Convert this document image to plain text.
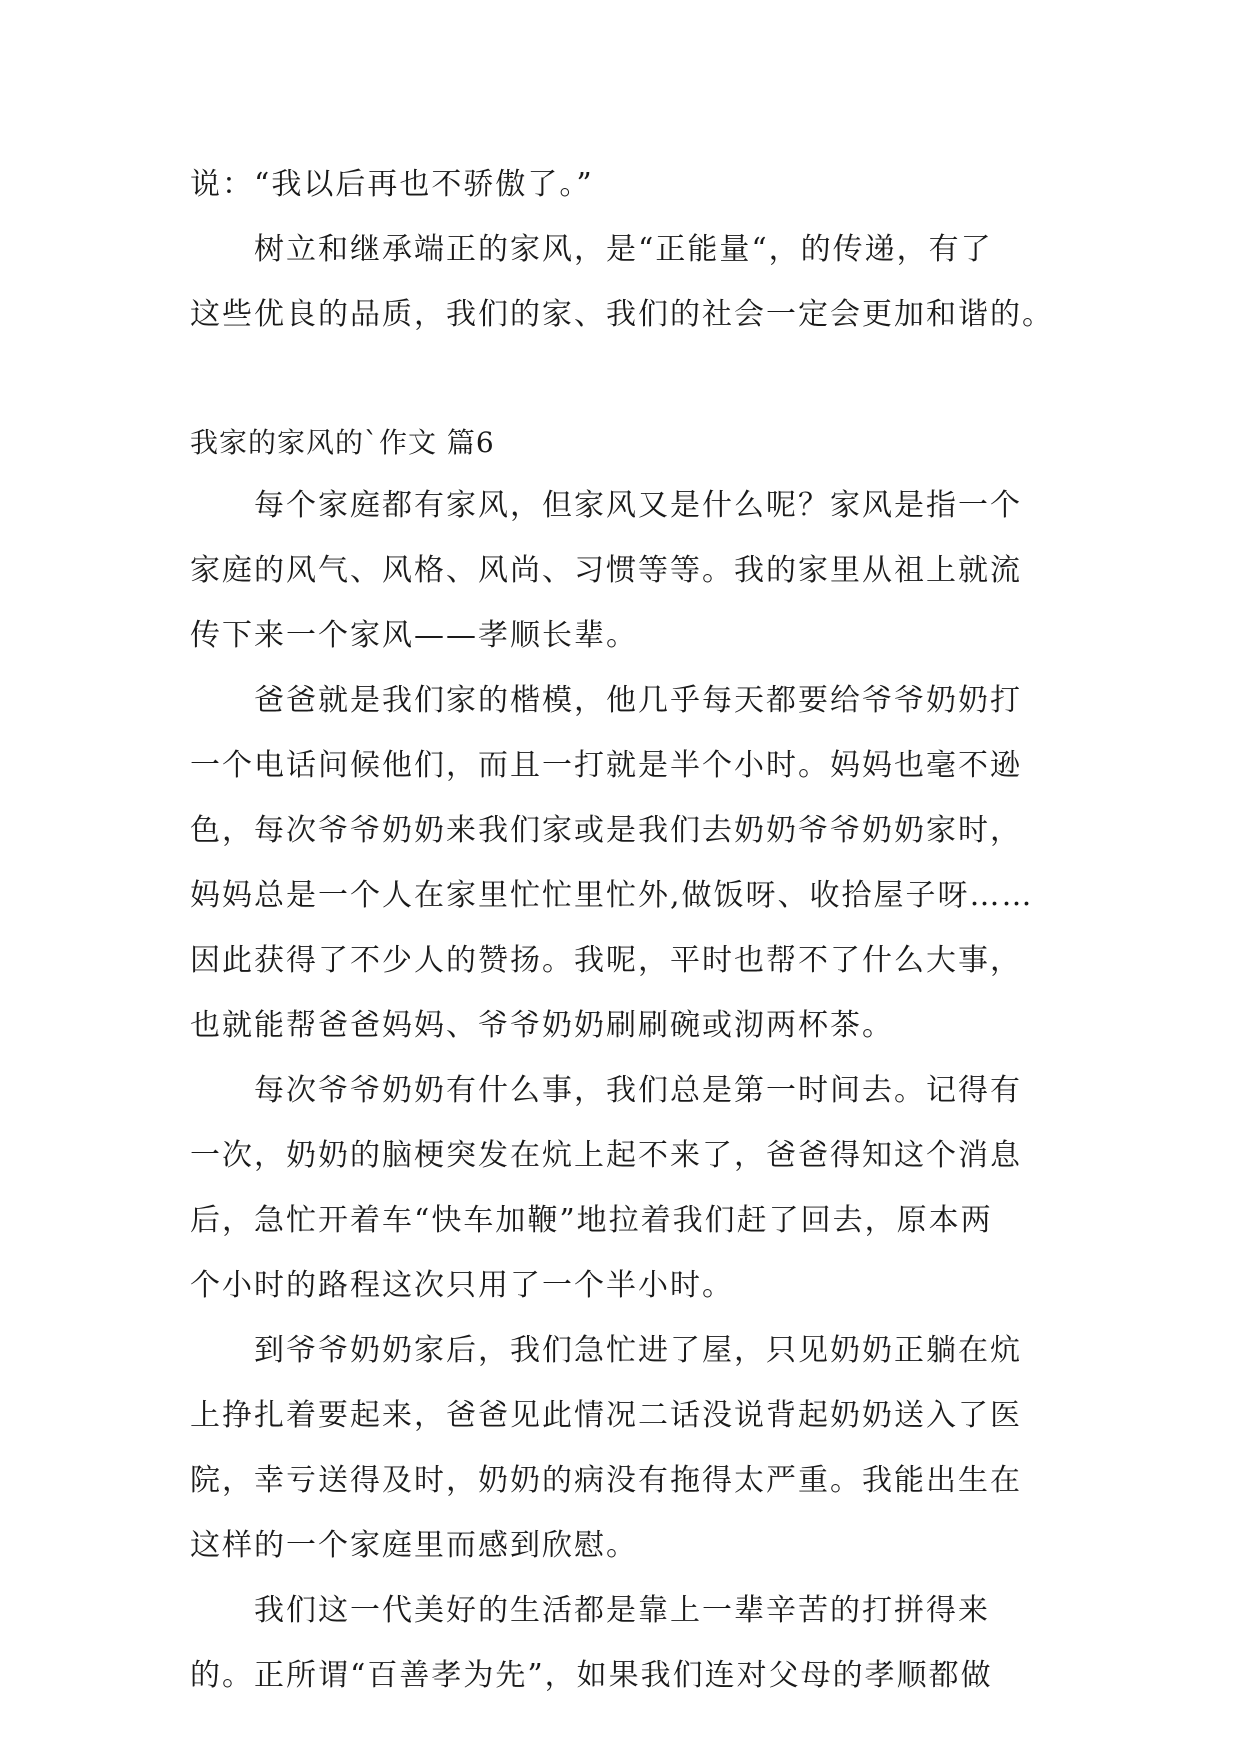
说：“我以后再也不骄傲了。”
树立和继承端正的家风，是“正能量“，的传递，有了
这些优良的品质，我们的家、我们的社会一定会更加和谐的。
我家的家风的`作文 篇6
每个家庭都有家风，但家风又是什么呢？家风是指一个
家庭的风气、风格、风尚、习惯等等。我的家里从祖上就流
传下来一个家风——孝顺长辈。
爸爸就是我们家的楷模，他几乎每天都要给爷爷奶奶打
一个电话问候他们，而且一打就是半个小时。妈妈也毫不逊
色，每次爷爷奶奶来我们家或是我们去奶奶爷爷奶奶家时，
妈妈总是一个人在家里忙忙里忙外,做饭呀、收拾屋子呀……
因此获得了不少人的赞扬。我呢，平时也帮不了什么大事，
也就能帮爸爸妈妈、爷爷奶奶刷刷碗或沏两杯茶。
每次爷爷奶奶有什么事，我们总是第一时间去。记得有
一次，奶奶的脑梗突发在炕上起不来了，爸爸得知这个消息
后，急忙开着车“快车加鞭”地拉着我们赶了回去，原本两
个小时的路程这次只用了一个半小时。
到爷爷奶奶家后，我们急忙进了屋，只见奶奶正躺在炕
上挣扎着要起来，爸爸见此情况二话没说背起奶奶送入了医
院，幸亏送得及时，奶奶的病没有拖得太严重。我能出生在
这样的一个家庭里而感到欣慰。
我们这一代美好的生活都是靠上一辈辛苦的打拼得来
的。正所谓“百善孝为先”，如果我们连对父母的孝顺都做
